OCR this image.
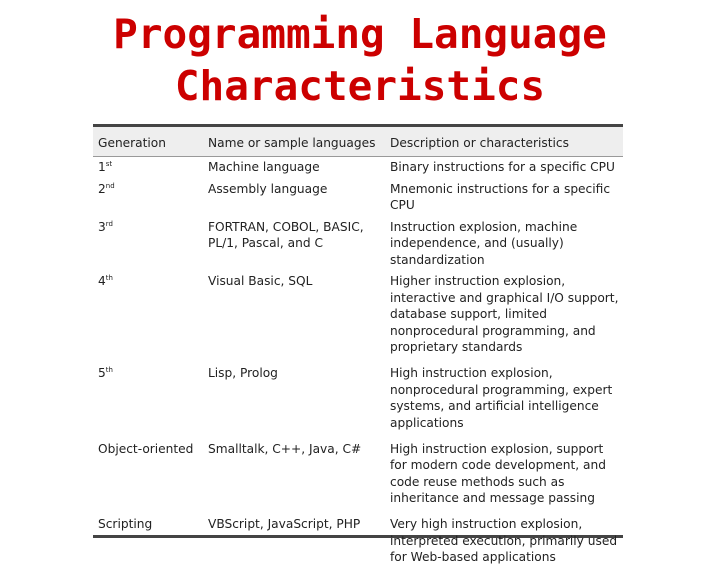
Programming Language
Characteristics
Generation	Name or sample languages	Description or characteristics
1st	Machine language	Binary instructions for a specific CPU
2nd	Assembly language	Mnemonic instructions for a specific CPU
3rd	FORTRAN, COBOL, BASIC, PL/1, Pascal, and C	Instruction explosion, machine independence, and (usually) standardization
4th	Visual Basic, SQL	Higher instruction explosion, interactive and graphical I/O support, database support, limited nonprocedural programming, and proprietary standards
5th	Lisp, Prolog	High instruction explosion, nonprocedural programming, expert systems, and artificial intelligence applications
Object-oriented	Smalltalk, C++, Java, C#	High instruction explosion, support for modern code development, and code reuse methods such as inheritance and message passing
Scripting	VBScript, JavaScript, PHP	Very high instruction explosion, interpreted execution, primarily used for Web-based applications
